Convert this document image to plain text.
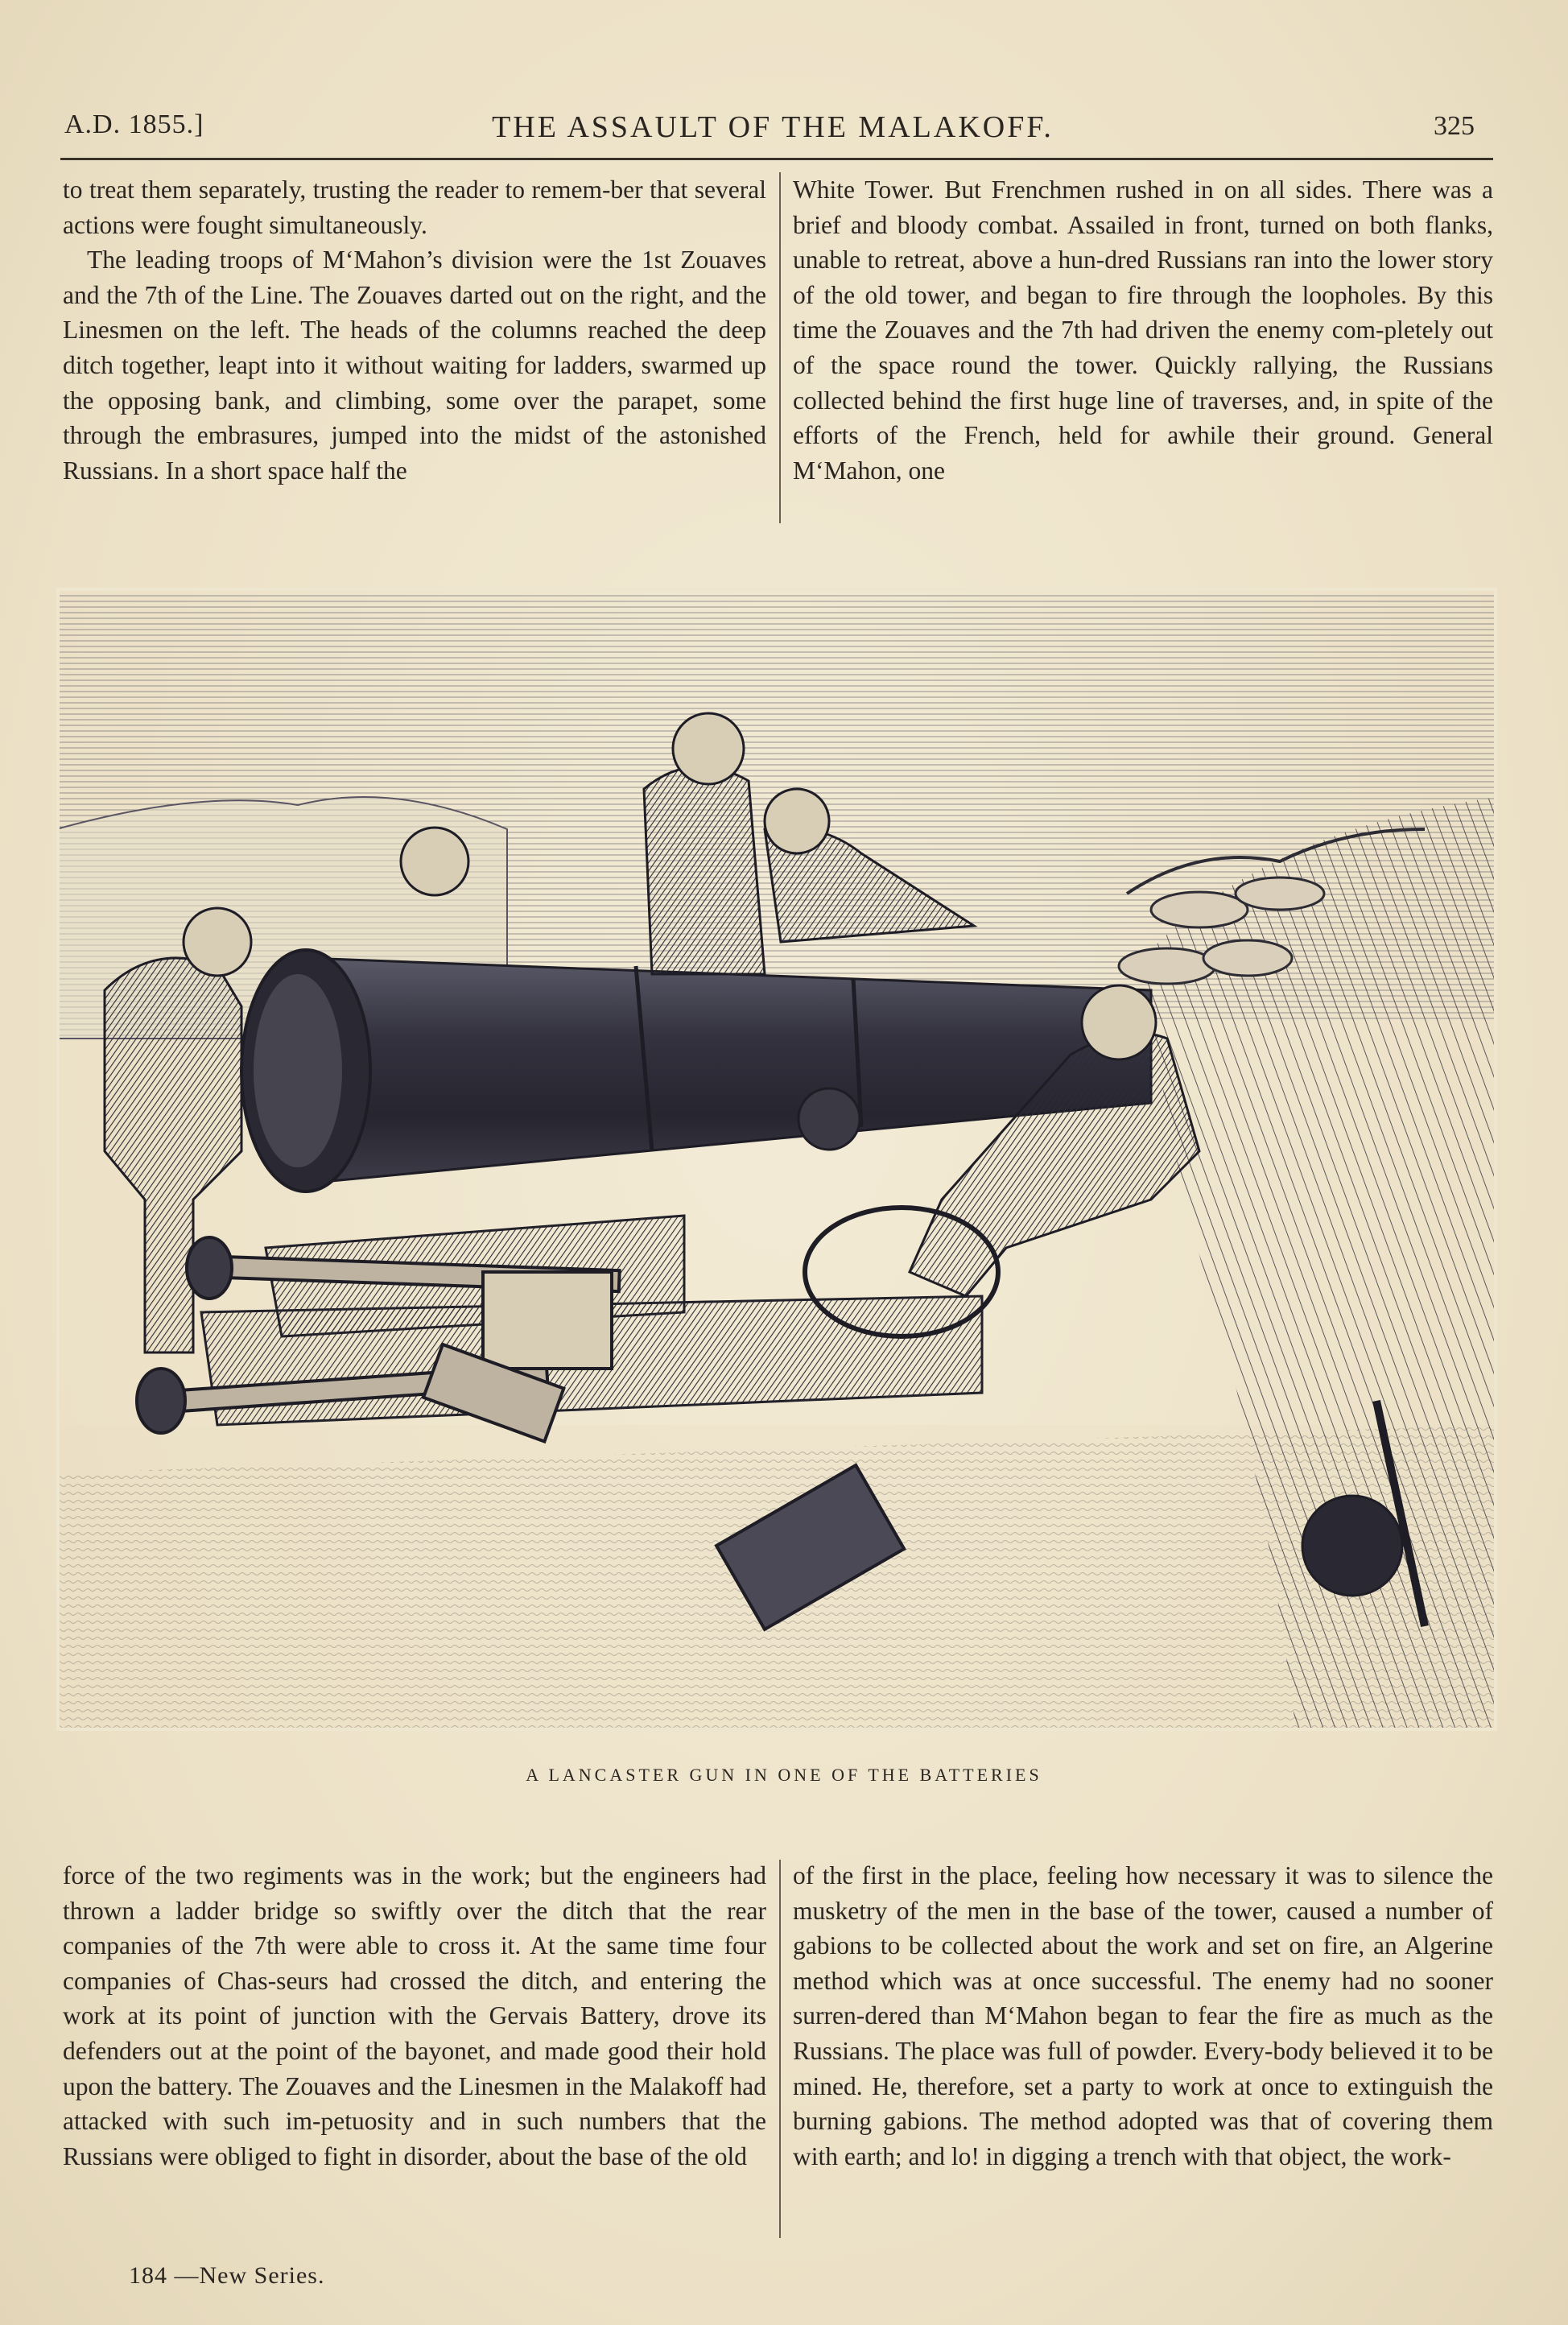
A.D. 1855.]	THE ASSAULT OF THE MALAKOFF.	325

to treat them separately, trusting the reader to remem-ber that several actions were fought simultaneously.

The leading troops of M‘Mahon’s division were the 1st Zouaves and the 7th of the Line. The Zouaves darted out on the right, and the Linesmen on the left. The heads of the columns reached the deep ditch together, leapt into it without waiting for ladders, swarmed up the opposing bank, and climbing, some over the parapet, some through the embrasures, jumped into the midst of the astonished Russians. In a short space half the

White Tower. But Frenchmen rushed in on all sides. There was a brief and bloody combat. Assailed in front, turned on both flanks, unable to retreat, above a hun-dred Russians ran into the lower story of the old tower, and began to fire through the loopholes. By this time the Zouaves and the 7th had driven the enemy com-pletely out of the space round the tower. Quickly rallying, the Russians collected behind the first huge line of traverses, and, in spite of the efforts of the French, held for awhile their ground. General M‘Mahon, one

A LANCASTER GUN IN ONE OF THE BATTERIES

force of the two regiments was in the work; but the engineers had thrown a ladder bridge so swiftly over the ditch that the rear companies of the 7th were able to cross it. At the same time four companies of Chas-seurs had crossed the ditch, and entering the work at its point of junction with the Gervais Battery, drove its defenders out at the point of the bayonet, and made good their hold upon the battery. The Zouaves and the Linesmen in the Malakoff had attacked with such im-petuosity and in such numbers that the Russians were obliged to fight in disorder, about the base of the old

of the first in the place, feeling how necessary it was to silence the musketry of the men in the base of the tower, caused a number of gabions to be collected about the work and set on fire, an Algerine method which was at once successful. The enemy had no sooner surren-dered than M‘Mahon began to fear the fire as much as the Russians. The place was full of powder. Every-body believed it to be mined. He, therefore, set a party to work at once to extinguish the burning gabions. The method adopted was that of covering them with earth; and lo! in digging a trench with that object, the work-

184 —New Series.
